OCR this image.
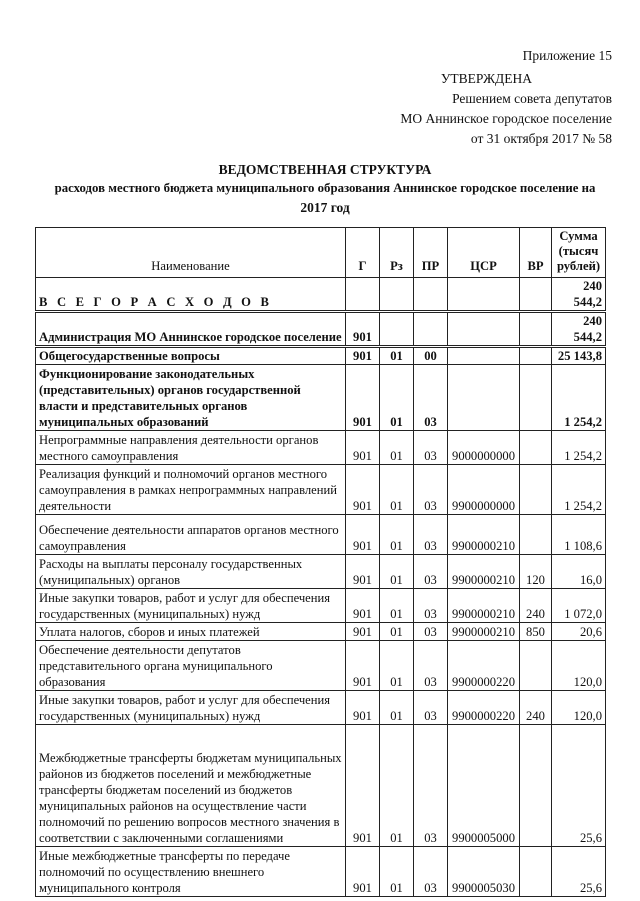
Приложение 15
УТВЕРЖДЕНА
Решением совета депутатов
МО Аннинское городское поселение
от 31 октября 2017 № 58
ВЕДОМСТВЕННАЯ СТРУКТУРА
расходов местного бюджета муниципального образования Аннинское городское поселение на
2017 год
Наименование	Г	Рз	ПР	ЦСР	ВР	Сумма (тысяч рублей)
В С Е Г О Р А С Х О Д О В						240 544,2
Администрация МО Аннинское городское поселение	901					240 544,2
Общегосударственные вопросы	901	01	00			25 143,8
Функционирование законодательных (представительных) органов государственной власти и представительных органов муниципальных образований	901	01	03			1 254,2
Непрограммные направления деятельности органов местного самоуправления	901	01	03	9000000000		1 254,2
Реализация функций и полномочий органов местного самоуправления в рамках непрограммных направлений деятельности	901	01	03	9900000000		1 254,2
Обеспечение деятельности аппаратов органов местного самоуправления	901	01	03	9900000210		1 108,6
Расходы на выплаты персоналу государственных (муниципальных) органов	901	01	03	9900000210	120	16,0
Иные закупки товаров, работ и услуг для обеспечения государственных (муниципальных) нужд	901	01	03	9900000210	240	1 072,0
Уплата налогов, сборов и иных платежей	901	01	03	9900000210	850	20,6
Обеспечение деятельности депутатов представительного органа муниципального образования	901	01	03	9900000220		120,0
Иные закупки товаров, работ и услуг для обеспечения государственных (муниципальных) нужд	901	01	03	9900000220	240	120,0
Межбюджетные трансферты бюджетам муниципальных районов из бюджетов поселений и межбюджетные трансферты бюджетам поселений из бюджетов муниципальных районов на осуществление части полномочий по решению вопросов местного значения в соответствии с заключенными соглашениями	901	01	03	9900005000		25,6
Иные межбюджетные трансферты по передаче полномочий по осуществлению внешнего муниципального контроля	901	01	03	9900005030		25,6
